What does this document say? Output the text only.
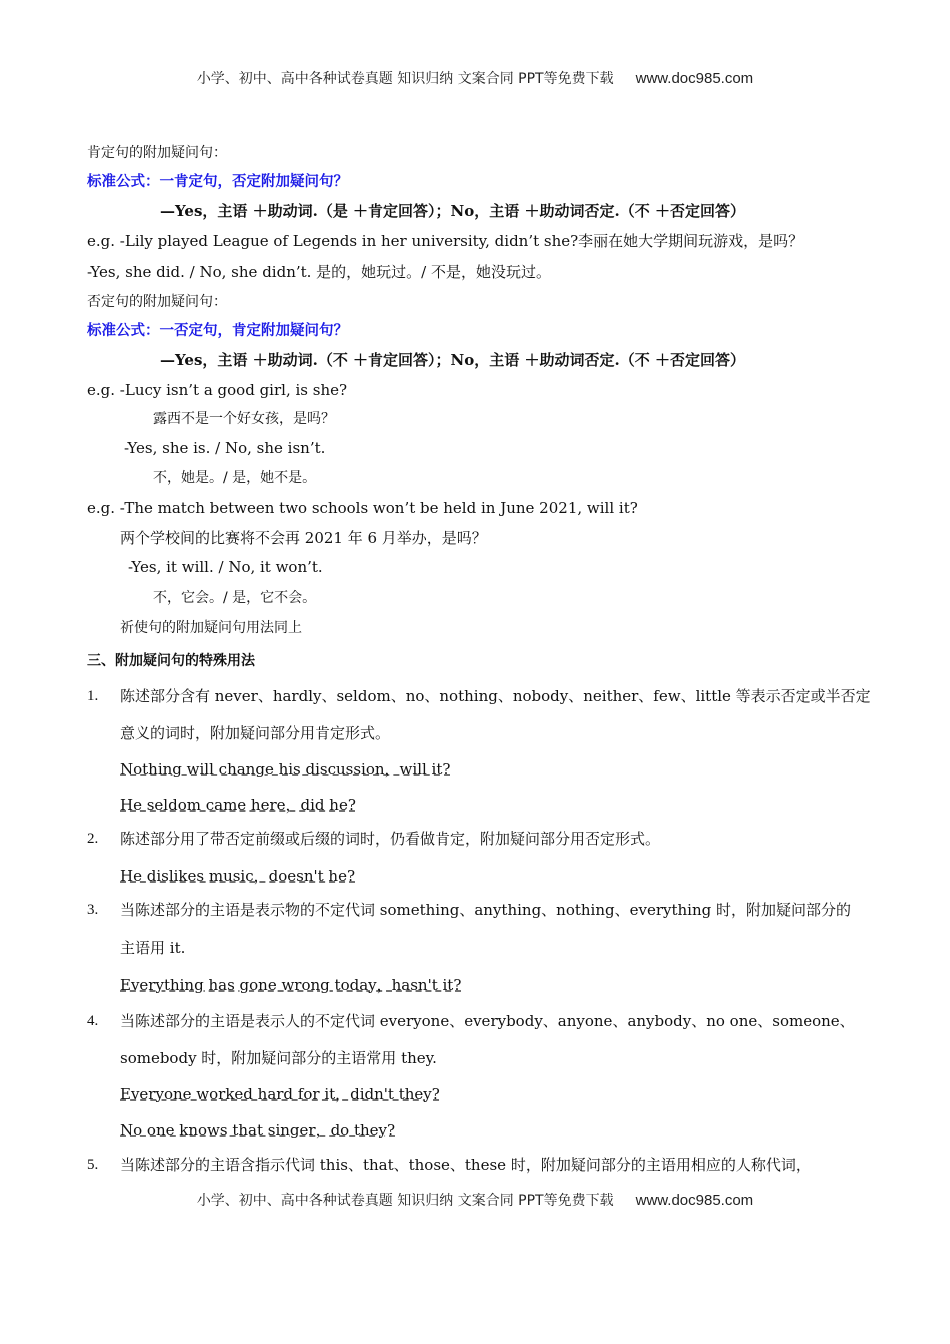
小学、初中、高中各种试卷真题 知识归纳 文案合同 PPT等免费下载 www.doc985.com
肯定句的附加疑问句：
标准公式：一肯定句，否定附加疑问句？
—Yes，主语 ＋助动词.（是 ＋肯定回答）；No，主语 ＋助动词否定.（不 ＋否定回答）
e.g. -Lily played League of Legends in her university, didn’t she?李丽在她大学期间玩游戏，是吗？
-Yes, she did. / No, she didn’t. 是的，她玩过。/ 不是，她没玩过。
否定句的附加疑问句：
标准公式：一否定句，肯定附加疑问句？
—Yes，主语 ＋助动词.（不 ＋肯定回答）；No，主语 ＋助动词否定.（不 ＋否定回答）
e.g. -Lucy isn’t a good girl, is she?
露西不是一个好女孩，是吗？
-Yes, she is. / No, she isn’t.
不，她是。/ 是，她不是。
e.g. -The match between two schools won’t be held in June 2021, will it?
两个学校间的比赛将不会再 2021 年 6 月举办，是吗？
-Yes, it will. / No, it won’t.
不，它会。/ 是，它不会。
祈使句的附加疑问句用法同上
三、附加疑问句的特殊用法
1. 陈述部分含有 never、hardly、seldom、no、nothing、nobody、neither、few、little 等表示否定或半否定
意义的词时，附加疑问部分用肯定形式。
Nothing will change his discussion，will it?
He seldom came here，did he?
2. 陈述部分用了带否定前缀或后缀的词时，仍看做肯定，附加疑问部分用否定形式。
He dislikes music，doesn't he?
3. 当陈述部分的主语是表示物的不定代词 something、anything、nothing、everything 时，附加疑问部分的
主语用 it.
Everything has gone wrong today，hasn't it?
4. 当陈述部分的主语是表示人的不定代词 everyone、everybody、anyone、anybody、no one、someone、
somebody 时，附加疑问部分的主语常用 they.
Everyone worked hard for it，didn't they?
No one knows that singer，do they?
5. 当陈述部分的主语含指示代词 this、that、those、these 时，附加疑问部分的主语用相应的人称代词，
小学、初中、高中各种试卷真题 知识归纳 文案合同 PPT等免费下载 www.doc985.com
